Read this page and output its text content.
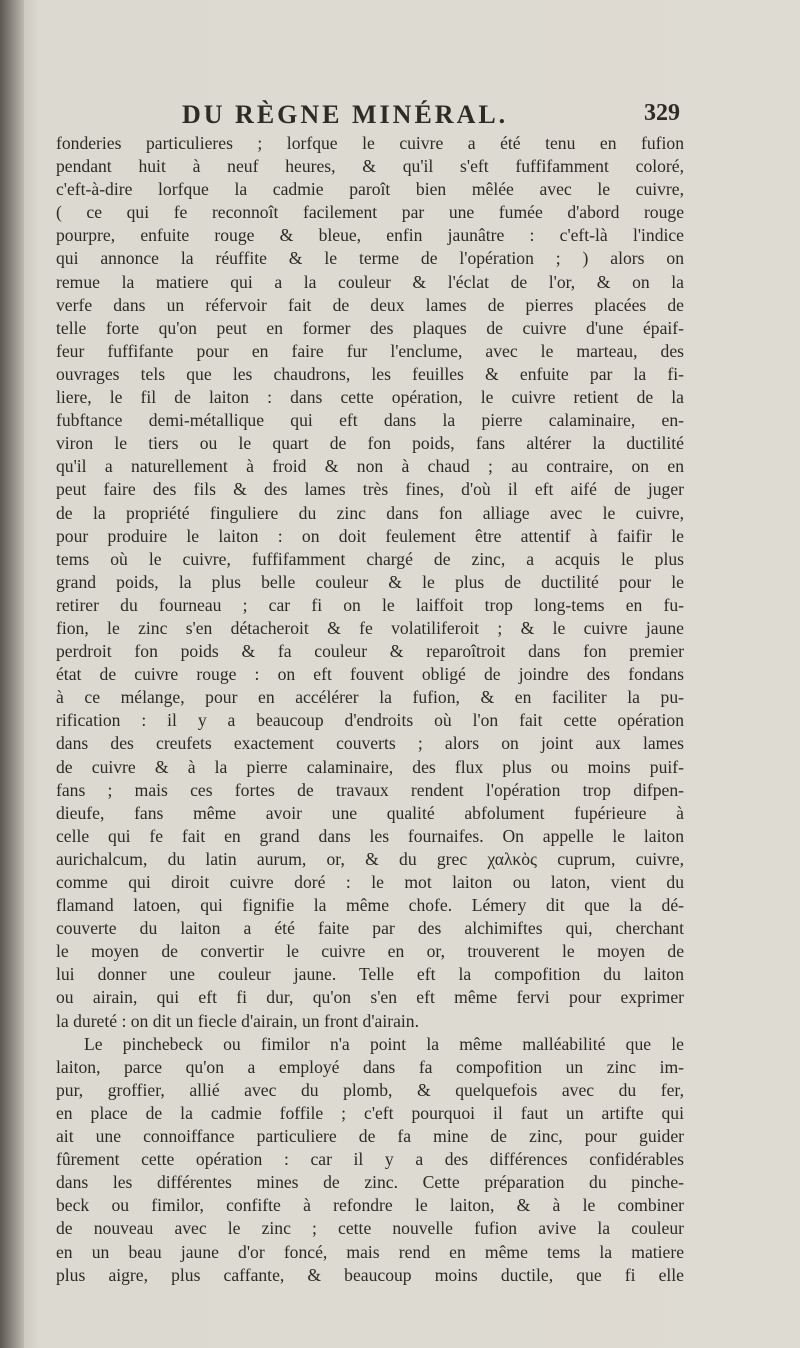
DU RÈGNE MINÉRAL.	329
fonderies particulieres ; lorfque le cuivre a été tenu en fufion
pendant huit à neuf heures, & qu'il s'eft fuffifamment coloré,
c'eft-à-dire lorfque la cadmie paroît bien mêlée avec le cuivre,
( ce qui fe reconnoît facilement par une fumée d'abord rouge
pourpre, enfuite rouge & bleue, enfin jaunâtre : c'eft-là l'indice
qui annonce la réuffite & le terme de l'opération ; ) alors on
remue la matiere qui a la couleur & l'éclat de l'or, & on la
verfe dans un réfervoir fait de deux lames de pierres placées de
telle forte qu'on peut en former des plaques de cuivre d'une épaif-
feur fuffifante pour en faire fur l'enclume, avec le marteau, des
ouvrages tels que les chaudrons, les feuilles & enfuite par la fi-
liere, le fil de laiton : dans cette opération, le cuivre retient de la
fubftance demi-métallique qui eft dans la pierre calaminaire, en-
viron le tiers ou le quart de fon poids, fans altérer la ductilité
qu'il a naturellement à froid & non à chaud ; au contraire, on en
peut faire des fils & des lames très fines, d'où il eft aifé de juger
de la propriété finguliere du zinc dans fon alliage avec le cuivre,
pour produire le laiton : on doit feulement être attentif à faifir le
tems où le cuivre, fuffifamment chargé de zinc, a acquis le plus
grand poids, la plus belle couleur & le plus de ductilité pour le
retirer du fourneau ; car fi on le laiffoit trop long-tems en fu-
fion, le zinc s'en détacheroit & fe volatiliferoit ; & le cuivre jaune
perdroit fon poids & fa couleur & reparoîtroit dans fon premier
état de cuivre rouge : on eft fouvent obligé de joindre des fondans
à ce mélange, pour en accélérer la fufion, & en faciliter la pu-
rification : il y a beaucoup d'endroits où l'on fait cette opération
dans des creufets exactement couverts ; alors on joint aux lames
de cuivre & à la pierre calaminaire, des flux plus ou moins puif-
fans ; mais ces fortes de travaux rendent l'opération trop difpen-
dieufe, fans même avoir une qualité abfolument fupérieure à
celle qui fe fait en grand dans les fournaifes. On appelle le laiton
aurichalcum, du latin aurum, or, & du grec χαλκὸς cuprum, cuivre,
comme qui diroit cuivre doré : le mot laiton ou laton, vient du
flamand latoen, qui fignifie la même chofe. Lémery dit que la dé-
couverte du laiton a été faite par des alchimiftes qui, cherchant
le moyen de convertir le cuivre en or, trouverent le moyen de
lui donner une couleur jaune. Telle eft la compofition du laiton
ou airain, qui eft fi dur, qu'on s'en eft même fervi pour exprimer
la dureté : on dit un fiecle d'airain, un front d'airain.
Le pinchebeck ou fimilor n'a point la même malléabilité que le
laiton, parce qu'on a employé dans fa compofition un zinc im-
pur, groffier, allié avec du plomb, & quelquefois avec du fer,
en place de la cadmie foffile ; c'eft pourquoi il faut un artifte qui
ait une connoiffance particuliere de fa mine de zinc, pour guider
fûrement cette opération : car il y a des différences confidérables
dans les différentes mines de zinc. Cette préparation du pinche-
beck ou fimilor, confifte à refondre le laiton, & à le combiner
de nouveau avec le zinc ; cette nouvelle fufion avive la couleur
en un beau jaune d'or foncé, mais rend en même tems la matiere
plus aigre, plus caffante, & beaucoup moins ductile, que fi elle
